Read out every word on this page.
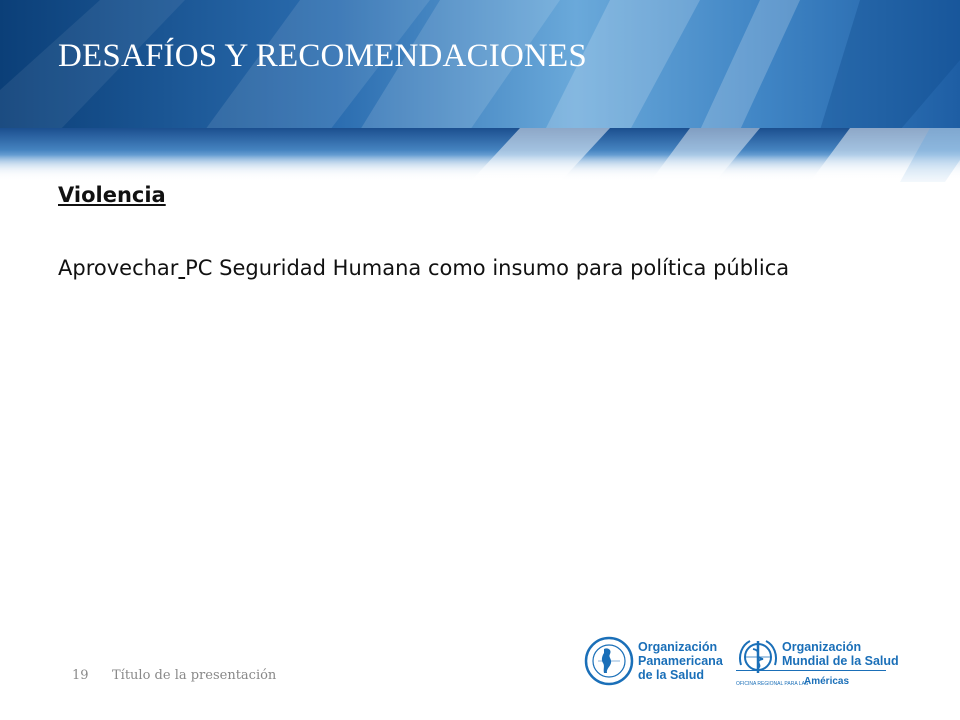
DESAFÍOS Y RECOMENDACIONES
Violencia
Aprovechar PC Seguridad Humana como insumo para política pública
19 Título de la presentación
Organización
Panamericana
de la Salud
Organización
Mundial de la Salud
OFICINA REGIONAL PARA LAS
Américas
